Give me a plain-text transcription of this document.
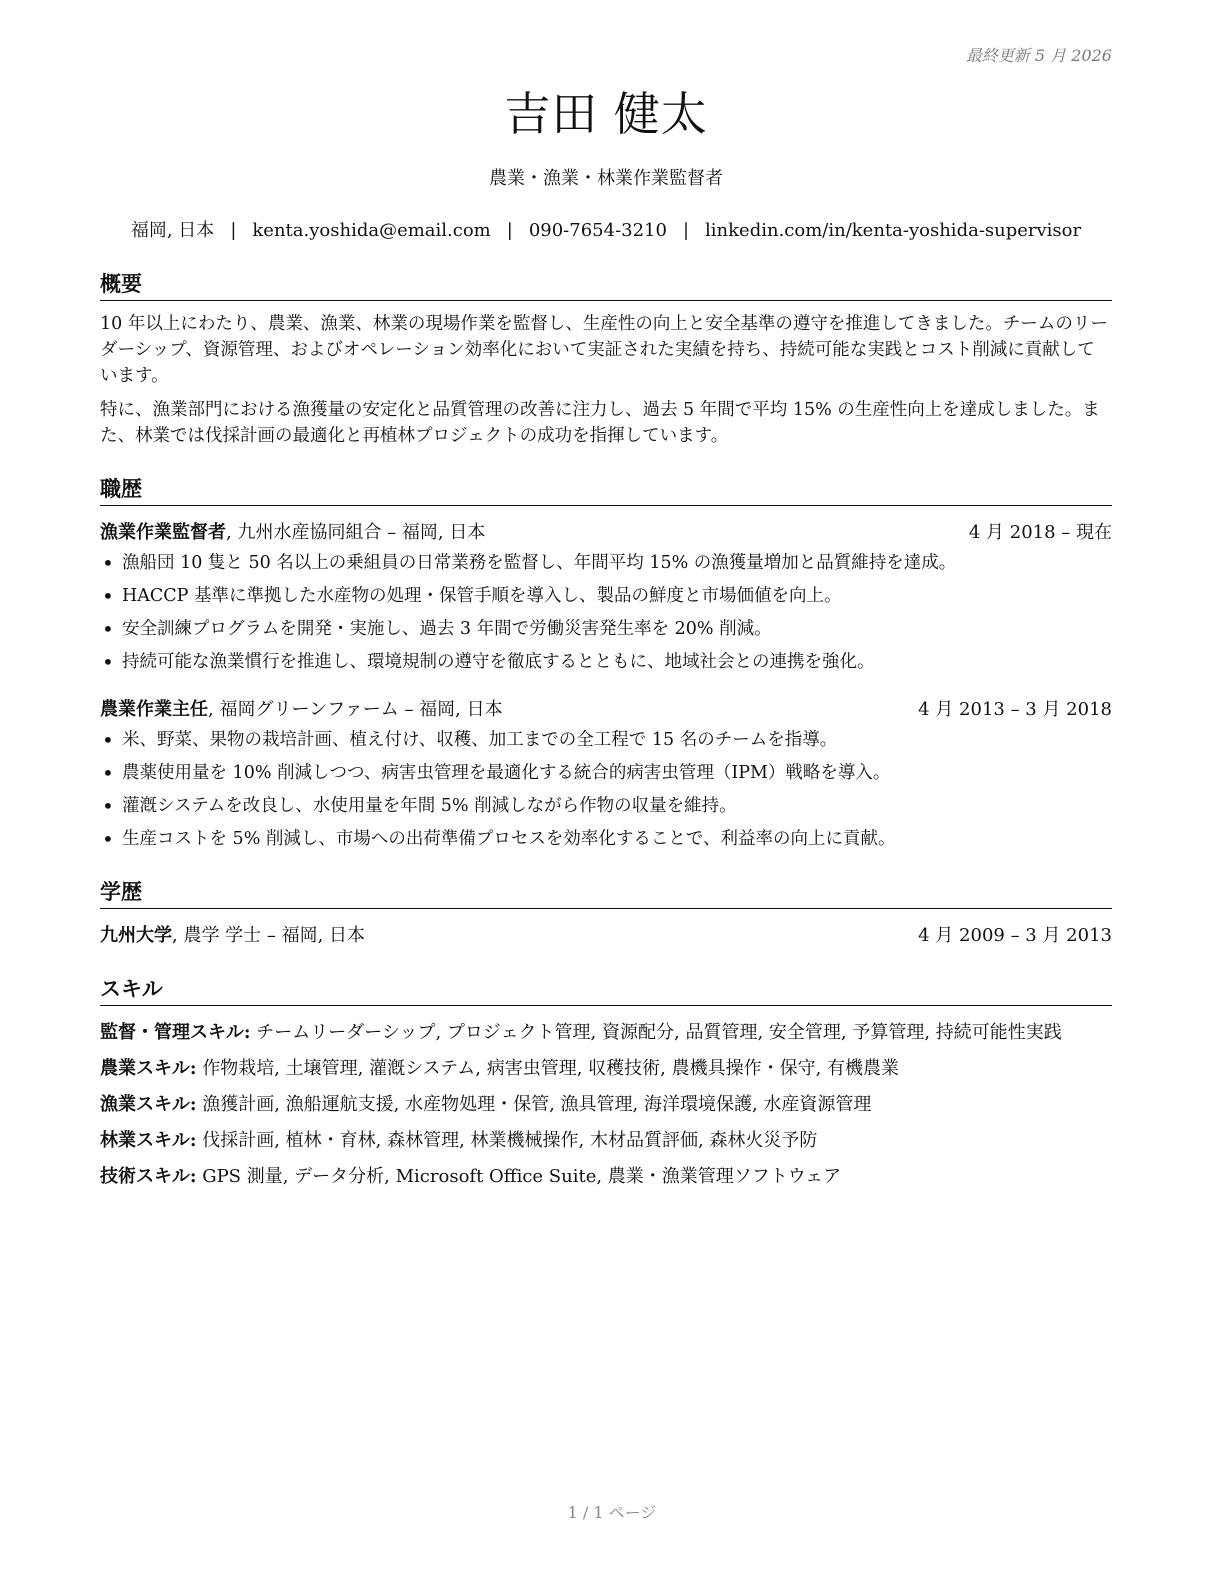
最終更新 5 月 2026
吉田 健太
農業・漁業・林業作業監督者
福岡, 日本 | kenta.yoshida@email.com | 090-7654-3210 | linkedin.com/in/kenta-yoshida-supervisor
概要
10 年以上にわたり、農業、漁業、林業の現場作業を監督し、生産性の向上と安全基準の遵守を推進してきました。チームのリーダーシップ、資源管理、およびオペレーション効率化において実証された実績を持ち、持続可能な実践とコスト削減に貢献しています。
特に、漁業部門における漁獲量の安定化と品質管理の改善に注力し、過去 5 年間で平均 15% の生産性向上を達成しました。また、林業では伐採計画の最適化と再植林プロジェクトの成功を指揮しています。
職歴
漁業作業監督者, 九州水産協同組合 – 福岡, 日本	4 月 2018 – 現在
• 漁船団 10 隻と 50 名以上の乗組員の日常業務を監督し、年間平均 15% の漁獲量増加と品質維持を達成。
• HACCP 基準に準拠した水産物の処理・保管手順を導入し、製品の鮮度と市場価値を向上。
• 安全訓練プログラムを開発・実施し、過去 3 年間で労働災害発生率を 20% 削減。
• 持続可能な漁業慣行を推進し、環境規制の遵守を徹底するとともに、地域社会との連携を強化。
農業作業主任, 福岡グリーンファーム – 福岡, 日本	4 月 2013 – 3 月 2018
• 米、野菜、果物の栽培計画、植え付け、収穫、加工までの全工程で 15 名のチームを指導。
• 農薬使用量を 10% 削減しつつ、病害虫管理を最適化する統合的病害虫管理（IPM）戦略を導入。
• 灌漑システムを改良し、水使用量を年間 5% 削減しながら作物の収量を維持。
• 生産コストを 5% 削減し、市場への出荷準備プロセスを効率化することで、利益率の向上に貢献。
学歴
九州大学, 農学 学士 – 福岡, 日本	4 月 2009 – 3 月 2013
スキル
監督・管理スキル: チームリーダーシップ, プロジェクト管理, 資源配分, 品質管理, 安全管理, 予算管理, 持続可能性実践
農業スキル: 作物栽培, 土壌管理, 灌漑システム, 病害虫管理, 収穫技術, 農機具操作・保守, 有機農業
漁業スキル: 漁獲計画, 漁船運航支援, 水産物処理・保管, 漁具管理, 海洋環境保護, 水産資源管理
林業スキル: 伐採計画, 植林・育林, 森林管理, 林業機械操作, 木材品質評価, 森林火災予防
技術スキル: GPS 測量, データ分析, Microsoft Office Suite, 農業・漁業管理ソフトウェア
1 / 1 ページ
